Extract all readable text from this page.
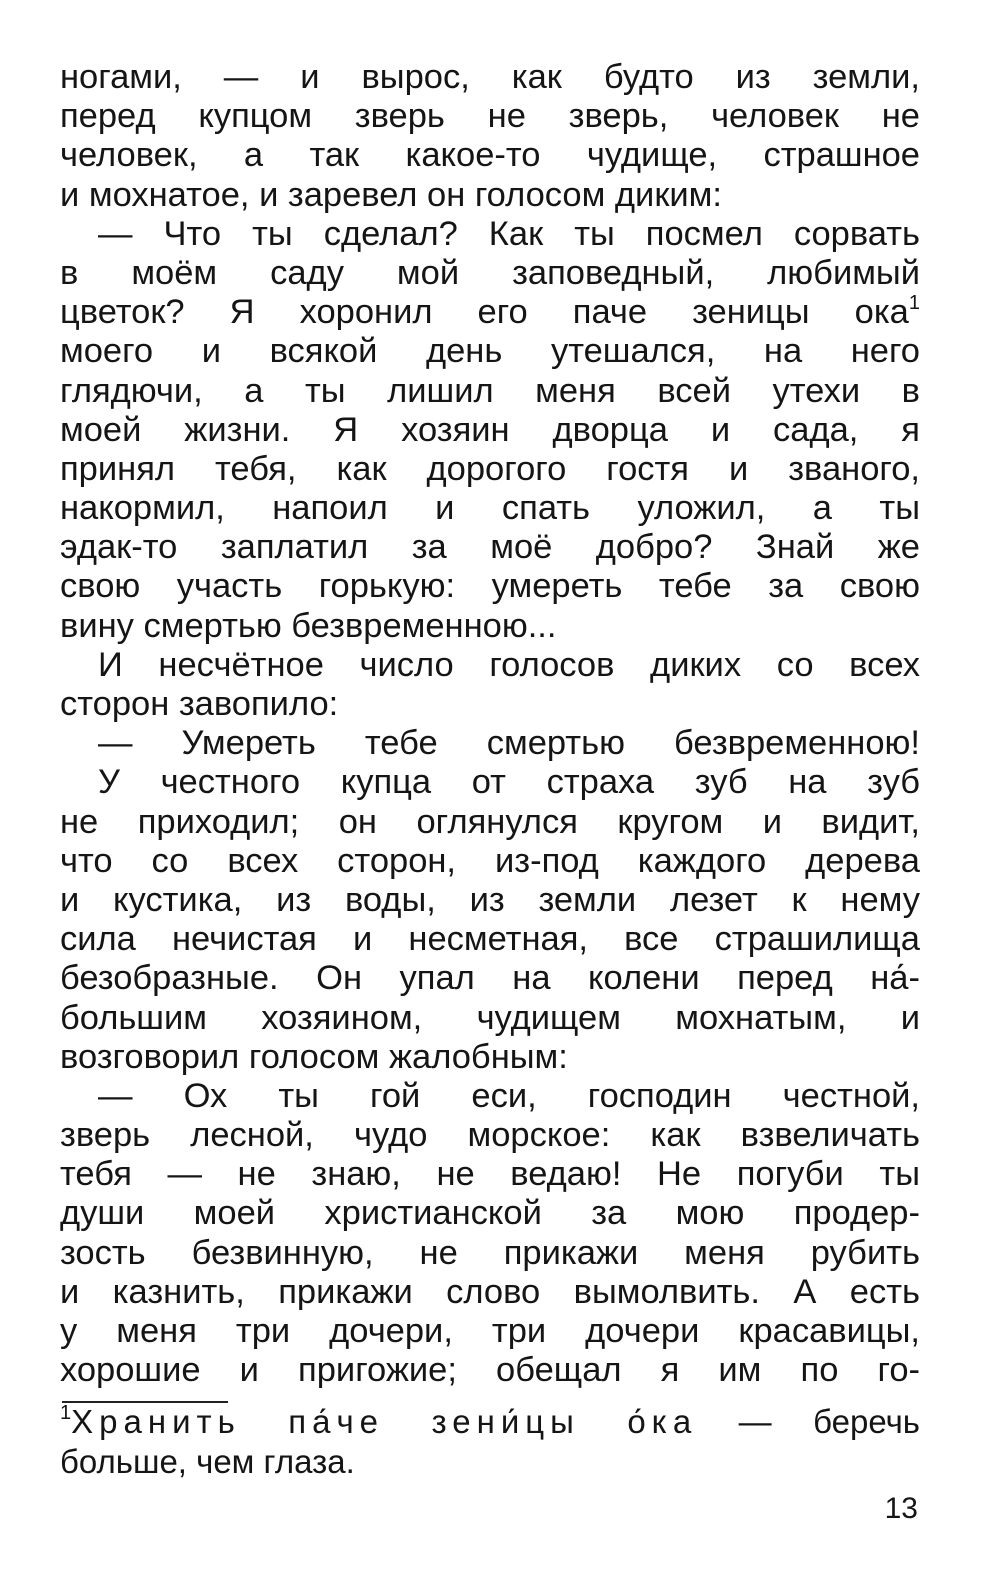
ногами, — и вырос, как будто из земли,
перед купцом зверь не зверь, человек не
человек, а так какое-то чудище, страшное
и мохнатое, и заревел он голосом диким:
— Что ты сделал? Как ты посмел сорвать
в моём саду мой заповедный, любимый
цветок? Я хоронил его паче зеницы ока$^1$
моего и всякой день утешался, на него
глядючи, а ты лишил меня всей утехи в
моей жизни. Я хозяин дворца и сада, я
принял тебя, как дорогого гостя и званого,
накормил, напоил и спать уложил, а ты
эдак-то заплатил за моё добро? Знай же
свою участь горькую: умереть тебе за свою
вину смертью безвременною...
И несчётное число голосов диких со всех
сторон завопило:
— Умереть тебе смертью безвременною!
У честного купца от страха зуб на зуб
не приходил; он оглянулся кругом и видит,
что со всех сторон, из-под каждого дерева
и кустика, из воды, из земли лезет к нему
сила нечистая и несметная, все страшилища
безобразные. Он упал на колени перед на́-
большим хозяином, чудищем мохнатым, и
возговорил голосом жалобным:
— Ох ты гой еси, господин честной,
зверь лесной, чудо морское: как взвеличать
тебя — не знаю, не ведаю! Не погуби ты
души моей христианской за мою продер-
зость безвинную, не прикажи меня рубить
и казнить, прикажи слово вымолвить. А есть
у меня три дочери, три дочери красавицы,
хорошие и пригожие; обещал я им по го-
$^1$Хранить па́че зени́цы о́ка — беречь
больше, чем глаза.
13
